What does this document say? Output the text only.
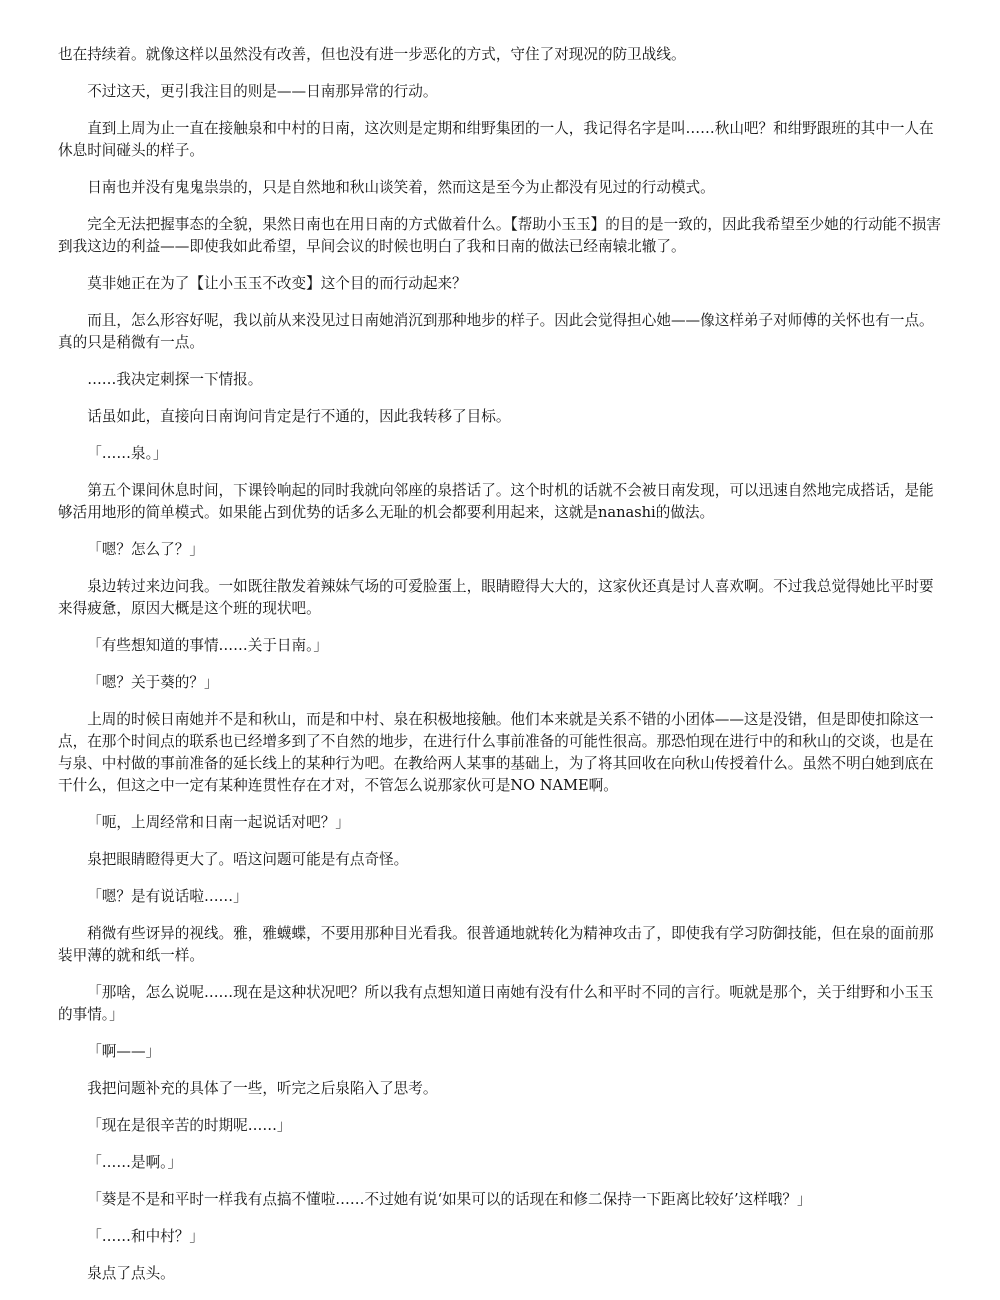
也在持续着。就像这样以虽然没有改善，但也没有进一步恶化的方式，守住了对现况的防卫战线。

不过这天，更引我注目的则是——日南那异常的行动。

直到上周为止一直在接触泉和中村的日南，这次则是定期和绀野集团的一人，我记得名字是叫……秋山吧？和绀野跟班的其中一人在休息时间碰头的样子。

日南也并没有鬼鬼祟祟的，只是自然地和秋山谈笑着，然而这是至今为止都没有见过的行动模式。

完全无法把握事态的全貌，果然日南也在用日南的方式做着什么。【帮助小玉玉】的目的是一致的，因此我希望至少她的行动能不损害到我这边的利益——即使我如此希望，早间会议的时候也明白了我和日南的做法已经南辕北辙了。

莫非她正在为了【让小玉玉不改变】这个目的而行动起来？

而且，怎么形容好呢，我以前从来没见过日南她消沉到那种地步的样子。因此会觉得担心她——像这样弟子对师傅的关怀也有一点。真的只是稍微有一点。

……我决定刺探一下情报。

话虽如此，直接向日南询问肯定是行不通的，因此我转移了目标。

「……泉。」

第五个课间休息时间，下课铃响起的同时我就向邻座的泉搭话了。这个时机的话就不会被日南发现，可以迅速自然地完成搭话，是能够活用地形的简单模式。如果能占到优势的话多么无耻的机会都要利用起来，这就是nanashi的做法。

「嗯？怎么了？」

泉边转过来边问我。一如既往散发着辣妹气场的可爱脸蛋上，眼睛瞪得大大的，这家伙还真是讨人喜欢啊。不过我总觉得她比平时要来得疲惫，原因大概是这个班的现状吧。

「有些想知道的事情……关于日南。」

「嗯？关于葵的？」

上周的时候日南她并不是和秋山，而是和中村、泉在积极地接触。他们本来就是关系不错的小团体——这是没错，但是即使扣除这一点，在那个时间点的联系也已经增多到了不自然的地步，在进行什么事前准备的可能性很高。那恐怕现在进行中的和秋山的交谈，也是在与泉、中村做的事前准备的延长线上的某种行为吧。在教给两人某事的基础上，为了将其回收在向秋山传授着什么。虽然不明白她到底在干什么，但这之中一定有某种连贯性存在才对，不管怎么说那家伙可是NO NAME啊。

「呃，上周经常和日南一起说话对吧？」

泉把眼睛瞪得更大了。唔这问题可能是有点奇怪。

「嗯？是有说话啦……」

稍微有些讶异的视线。雅，雅蠛蝶，不要用那种目光看我。很普通地就转化为精神攻击了，即使我有学习防御技能，但在泉的面前那装甲薄的就和纸一样。

「那啥，怎么说呢……现在是这种状况吧？所以我有点想知道日南她有没有什么和平时不同的言行。呃就是那个，关于绀野和小玉玉的事情。」

「啊——」

我把问题补充的具体了一些，听完之后泉陷入了思考。

「现在是很辛苦的时期呢……」

「……是啊。」

「葵是不是和平时一样我有点搞不懂啦……不过她有说‘如果可以的话现在和修二保持一下距离比较好’这样哦？」

「……和中村？」

泉点了点头。
